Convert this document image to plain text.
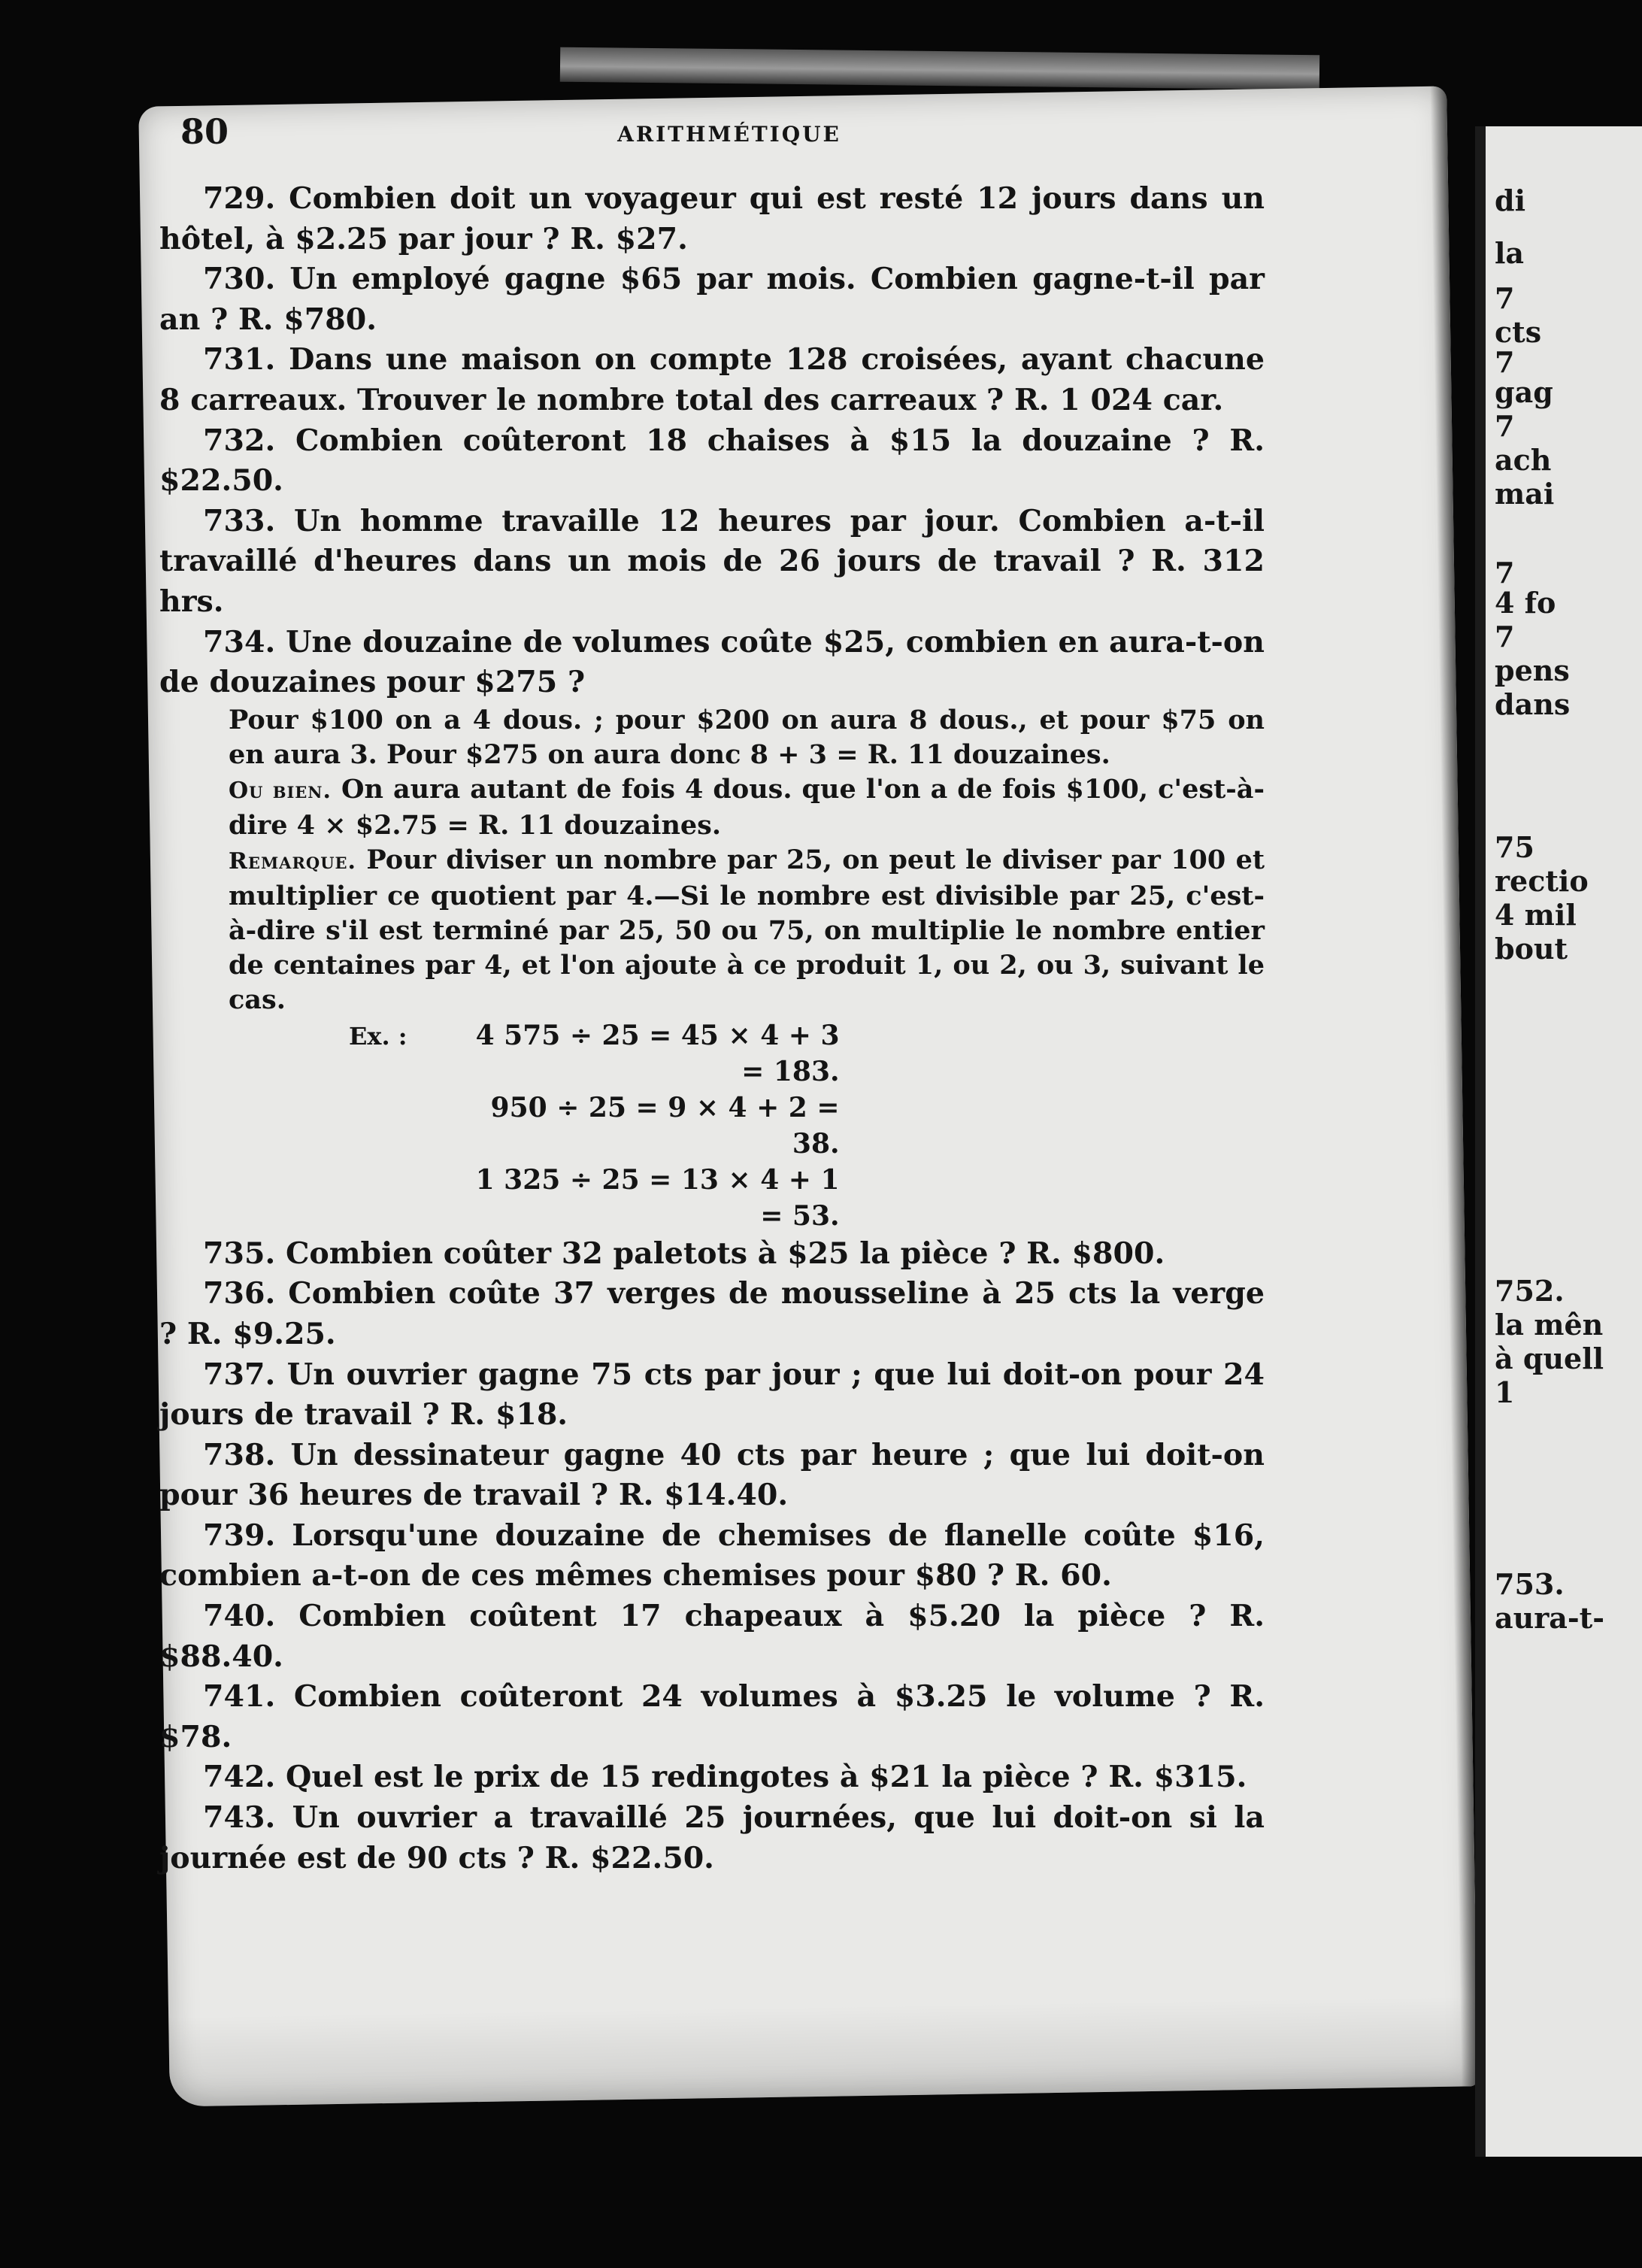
80	ARITHMÉTIQUE

729. Combien doit un voyageur qui est resté 12 jours dans un hôtel, à $2.25 par jour ? R. $27.

730. Un employé gagne $65 par mois. Combien gagne-t-il par an ? R. $780.

731. Dans une maison on compte 128 croisées, ayant chacune 8 carreaux. Trouver le nombre total des carreaux ? R. 1 024 car.

732. Combien coûteront 18 chaises à $15 la douzaine ? R. $22.50.

733. Un homme travaille 12 heures par jour. Combien a-t-il travaillé d'heures dans un mois de 26 jours de travail ? R. 312 hrs.

734. Une douzaine de volumes coûte $25, combien en aura-t-on de douzaines pour $275 ?

Pour $100 on a 4 dous. ; pour $200 on aura 8 dous., et pour $75 on en aura 3. Pour $275 on aura donc 8 + 3 = R. 11 douzaines.

Ou bien. On aura autant de fois 4 dous. que l'on a de fois $100, c'est-à-dire 4 × $2.75 = R. 11 douzaines.

Remarque. Pour diviser un nombre par 25, on peut le diviser par 100 et multiplier ce quotient par 4.—Si le nombre est divisible par 25, c'est-à-dire s'il est terminé par 25, 50 ou 75, on multiplie le nombre entier de centaines par 4, et l'on ajoute à ce produit 1, ou 2, ou 3, suivant le cas.

Ex. :	4 575 ÷ 25 = 45 × 4 + 3 = 183.
950 ÷ 25 = 9 × 4 + 2 = 38.
1 325 ÷ 25 = 13 × 4 + 1 = 53.

735. Combien coûter 32 paletots à $25 la pièce ? R. $800.

736. Combien coûte 37 verges de mousseline à 25 cts la verge ? R. $9.25.

737. Un ouvrier gagne 75 cts par jour ; que lui doit-on pour 24 jours de travail ? R. $18.

738. Un dessinateur gagne 40 cts par heure ; que lui doit-on pour 36 heures de travail ? R. $14.40.

739. Lorsqu'une douzaine de chemises de flanelle coûte $16, combien a-t-on de ces mêmes chemises pour $80 ? R. 60.

740. Combien coûtent 17 chapeaux à $5.20 la pièce ? R. $88.40.

741. Combien coûteront 24 volumes à $3.25 le volume ? R. $78.

742. Quel est le prix de 15 redingotes à $21 la pièce ? R. $315.

743. Un ouvrier a travaillé 25 journées, que lui doit-on si la journée est de 90 cts ? R. $22.50.

di
la
7
cts
7
gag
7
ach
mai
7
4 fo
7
pens
dans
75
rectio
4 mil
bout
752.
la mên
à quell
1
753.
aura-t-
